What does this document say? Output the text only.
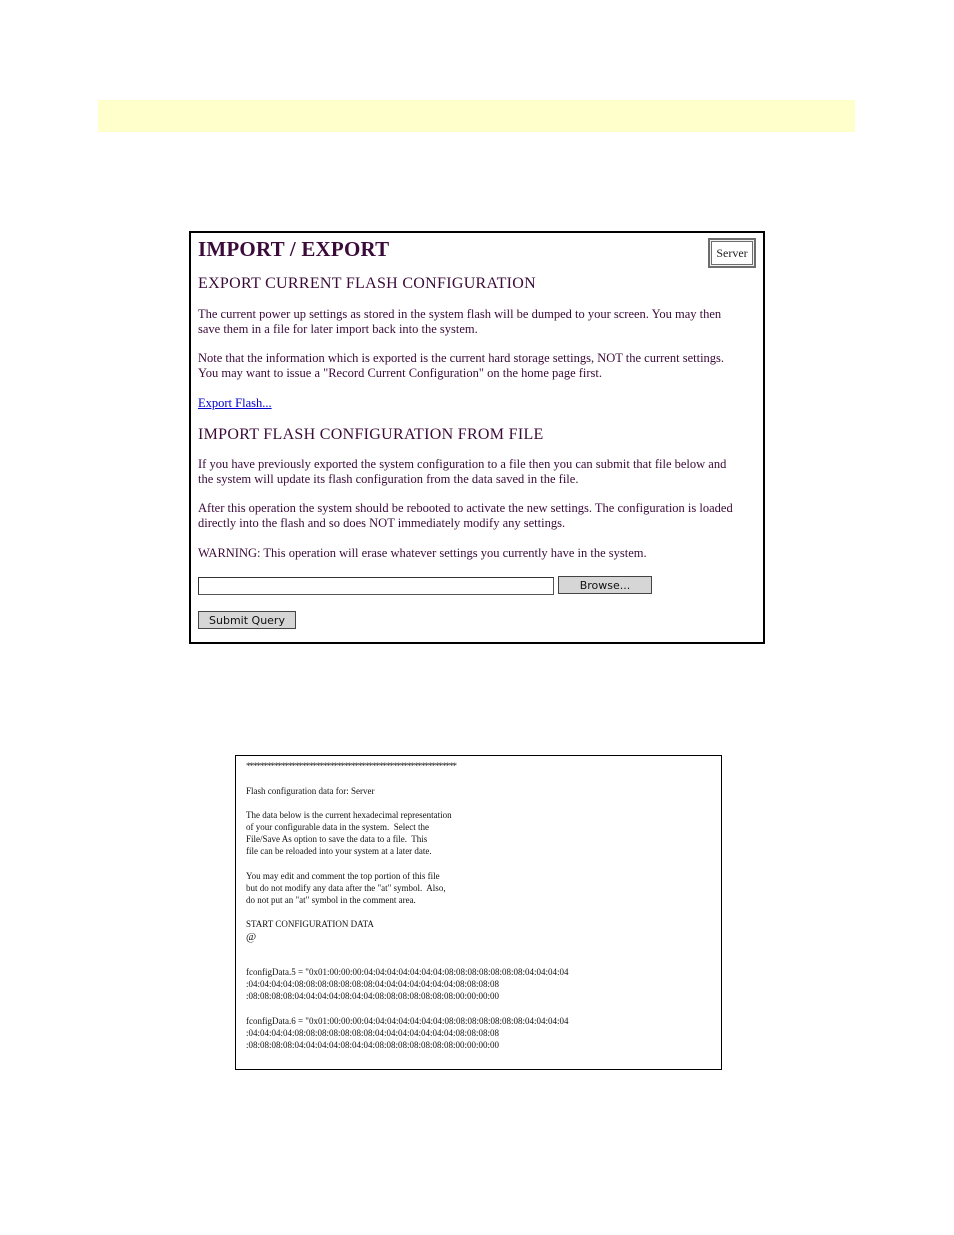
IMPORT / EXPORT	Server
EXPORT CURRENT FLASH CONFIGURATION
The current power up settings as stored in the system flash will be dumped to your screen. You may then
save them in a file for later import back into the system.
Note that the information which is exported is the current hard storage settings, NOT the current settings.
You may want to issue a "Record Current Configuration" on the home page first.
Export Flash...
IMPORT FLASH CONFIGURATION FROM FILE
If you have previously exported the system configuration to a file then you can submit that file below and
the system will update its flash configuration from the data saved in the file.
After this operation the system should be rebooted to activate the new settings. The configuration is loaded
directly into the flash and so does NOT immediately modify any settings.
WARNING: This operation will erase whatever settings you currently have in the system.
Browse...
Submit Query
************************************************************
Flash configuration data for: Server
The data below is the current hexadecimal representation
of your configurable data in the system.  Select the
File/Save As option to save the data to a file.  This
file can be reloaded into your system at a later date.
You may edit and comment the top portion of this file
but do not modify any data after the "at" symbol.  Also,
do not put an "at" symbol in the comment area.
START CONFIGURATION DATA
@
fconfigData.5 = "0x01:00:00:00:04:04:04:04:04:04:04:08:08:08:08:08:08:08:04:04:04:04
:04:04:04:04:08:08:08:08:08:08:08:04:04:04:04:04:04:04:08:08:08:08
:08:08:08:08:04:04:04:04:08:04:04:08:08:08:08:08:08:08:00:00:00:00
fconfigData.6 = "0x01:00:00:00:04:04:04:04:04:04:04:08:08:08:08:08:08:08:04:04:04:04
:04:04:04:04:08:08:08:08:08:08:08:04:04:04:04:04:04:04:08:08:08:08
:08:08:08:08:04:04:04:04:08:04:04:08:08:08:08:08:08:08:00:00:00:00
